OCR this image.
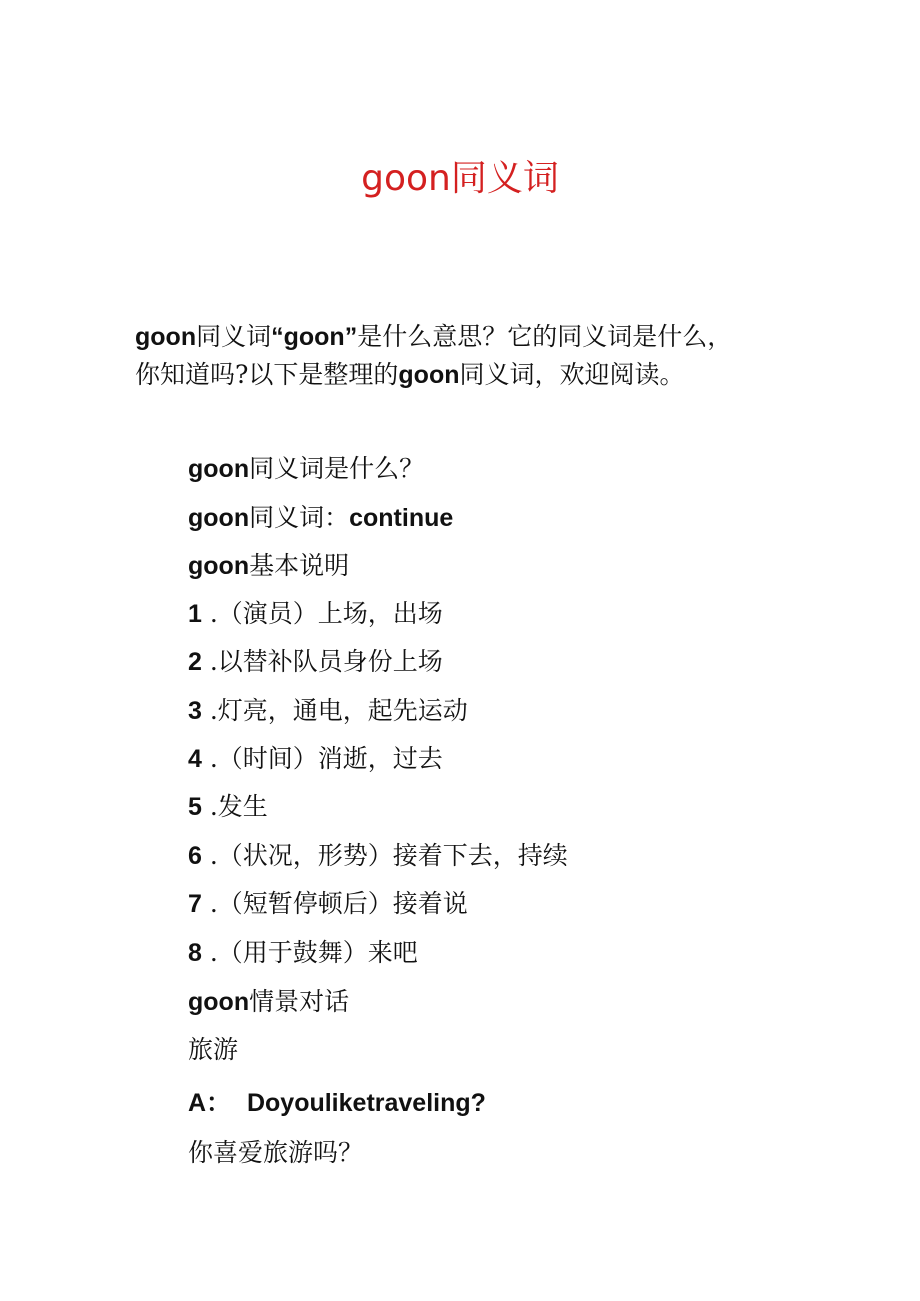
goon同义词
goon同义词“goon”是什么意思？它的同义词是什么，
你知道吗?以下是整理的goon同义词，欢迎阅读。
goon同义词是什么？
goon同义词：continue
goon基本说明
1 .（演员）上场，出场
2 .以替补队员身份上场
3 .灯亮，通电，起先运动
4 .（时间）消逝，过去
5 .发生
6 .（状况，形势）接着下去，持续
7 .（短暂停顿后）接着说
8 .（用于鼓舞）来吧
goon情景对话
旅游
A： Doyouliketraveling?
你喜爱旅游吗？
